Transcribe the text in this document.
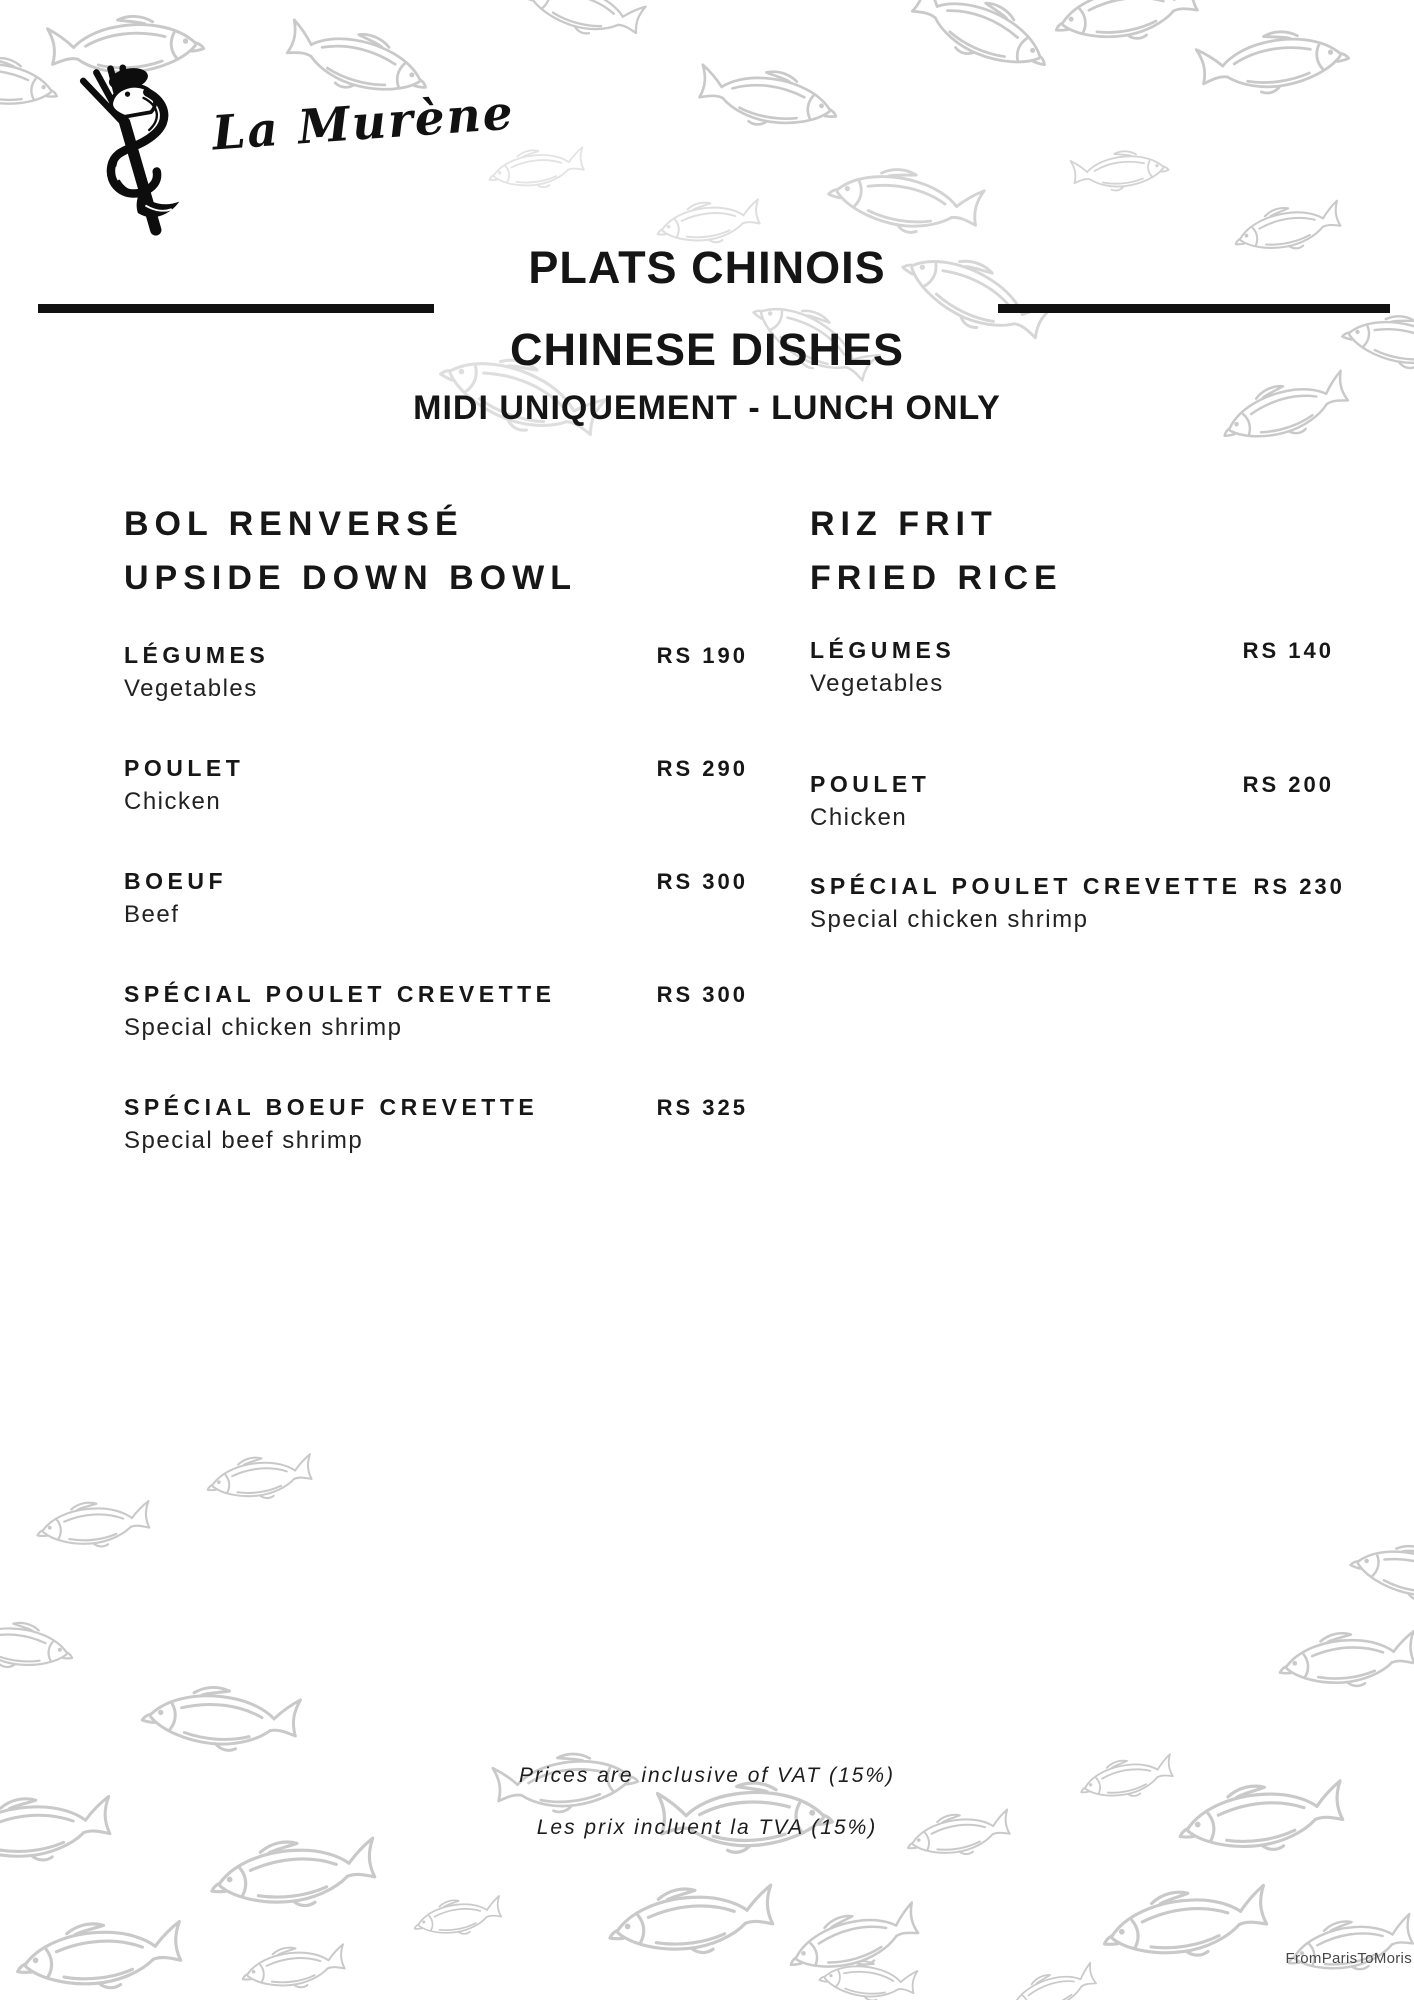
La Murène
PLATS CHINOIS
CHINESE DISHES
MIDI UNIQUEMENT - LUNCH ONLY
BOL RENVERSÉ
UPSIDE DOWN BOWL
LÉGUMES	RS 190
Vegetables
POULET	RS 290
Chicken
BOEUF	RS 300
Beef
SPÉCIAL POULET CREVETTE	RS 300
Special chicken shrimp
SPÉCIAL BOEUF CREVETTE	RS 325
Special beef shrimp
RIZ FRIT
FRIED RICE
LÉGUMES	RS 140
Vegetables
POULET	RS 200
Chicken
SPÉCIAL POULET CREVETTE RS 230
Special chicken shrimp
Prices are inclusive of VAT (15%)
Les prix incluent la TVA (15%)
FromParisToMoris
